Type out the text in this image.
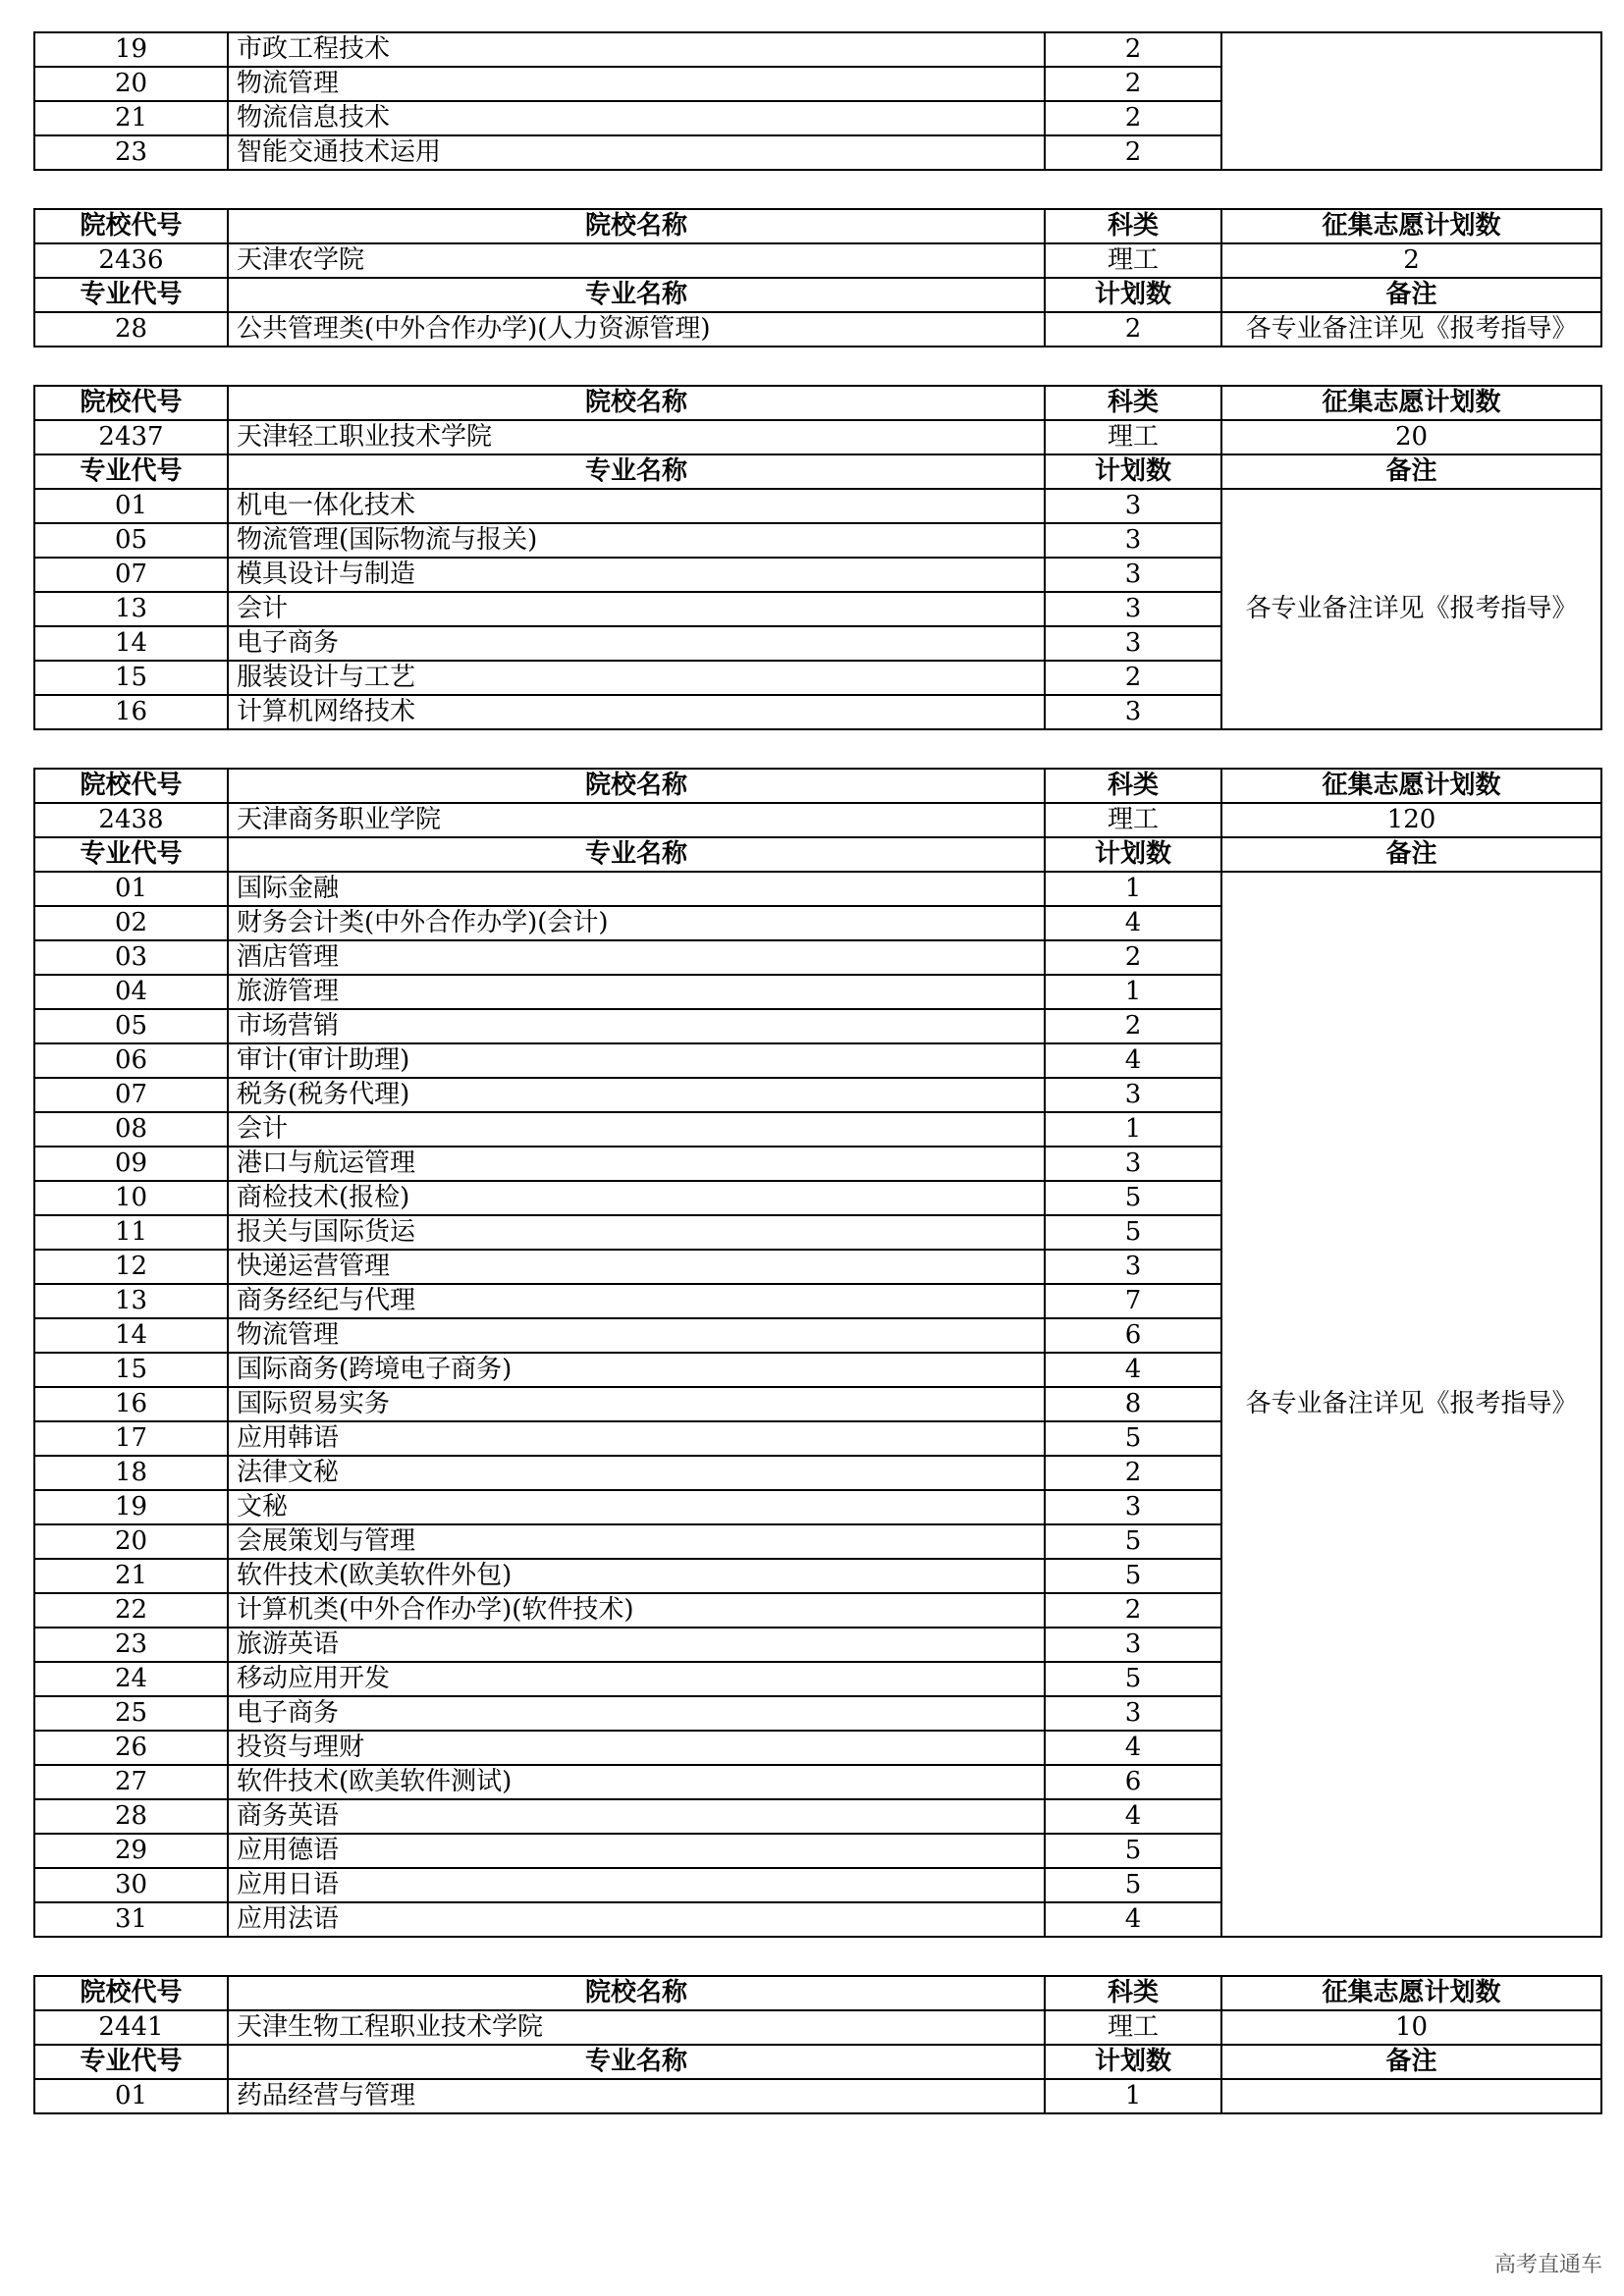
19	市政工程技术	2	
20	物流管理	2	
21	物流信息技术	2	
23	智能交通技术运用	2	
院校代号	院校名称	科类	征集志愿计划数
2436	天津农学院	理工	2
专业代号	专业名称	计划数	备注
28	公共管理类(中外合作办学)(人力资源管理)	2	各专业备注详见《报考指导》
院校代号	院校名称	科类	征集志愿计划数
2437	天津轻工职业技术学院	理工	20
专业代号	专业名称	计划数	备注
01	机电一体化技术	3	各专业备注详见《报考指导》
05	物流管理(国际物流与报关)	3	
07	模具设计与制造	3	
13	会计	3	
14	电子商务	3	
15	服装设计与工艺	2	
16	计算机网络技术	3	
院校代号	院校名称	科类	征集志愿计划数
2438	天津商务职业学院	理工	120
专业代号	专业名称	计划数	备注
01	国际金融	1	各专业备注详见《报考指导》
02	财务会计类(中外合作办学)(会计)	4	
03	酒店管理	2	
04	旅游管理	1	
05	市场营销	2	
06	审计(审计助理)	4	
07	税务(税务代理)	3	
08	会计	1	
09	港口与航运管理	3	
10	商检技术(报检)	5	
11	报关与国际货运	5	
12	快递运营管理	3	
13	商务经纪与代理	7	
14	物流管理	6	
15	国际商务(跨境电子商务)	4	
16	国际贸易实务	8	
17	应用韩语	5	
18	法律文秘	2	
19	文秘	3	
20	会展策划与管理	5	
21	软件技术(欧美软件外包)	5	
22	计算机类(中外合作办学)(软件技术)	2	
23	旅游英语	3	
24	移动应用开发	5	
25	电子商务	3	
26	投资与理财	4	
27	软件技术(欧美软件测试)	6	
28	商务英语	4	
29	应用德语	5	
30	应用日语	5	
31	应用法语	4	
院校代号	院校名称	科类	征集志愿计划数
2441	天津生物工程职业技术学院	理工	10
专业代号	专业名称	计划数	备注
01	药品经营与管理	1	
高考直通车
